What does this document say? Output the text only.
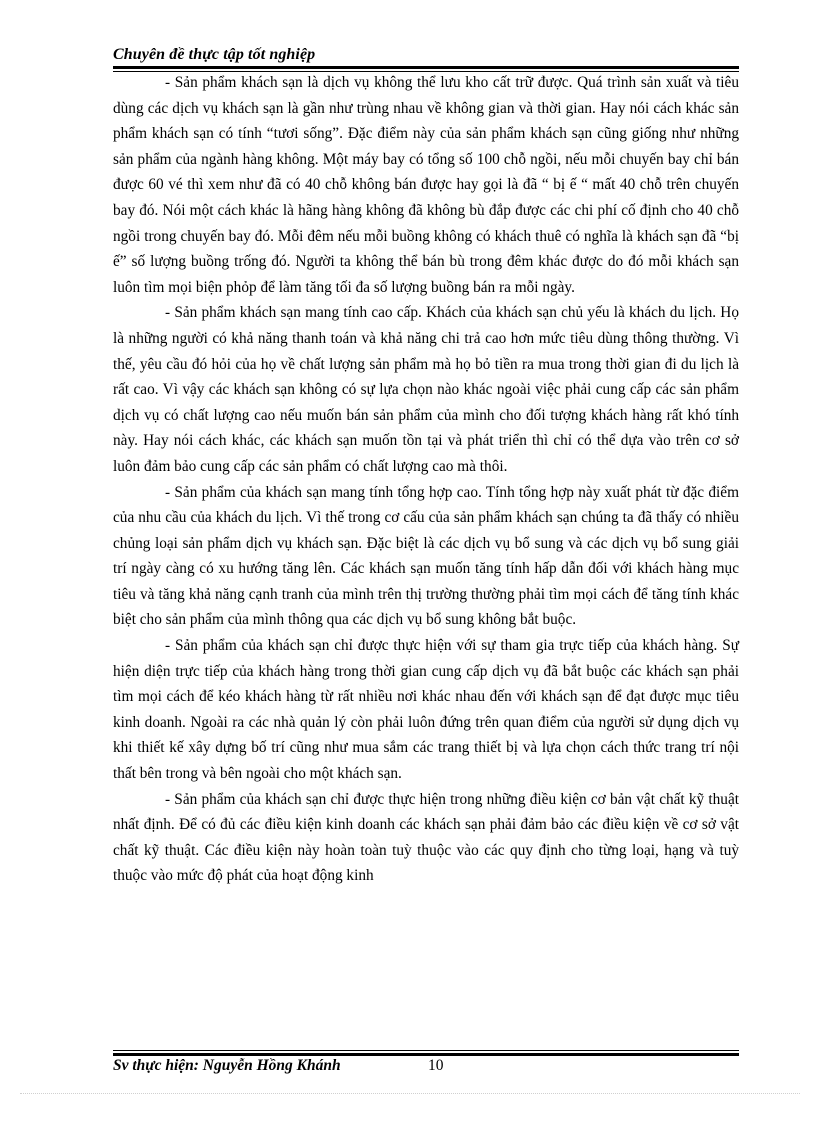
Chuyên đề thực tập tốt nghiệp

- Sản phẩm khách sạn là dịch vụ không thể lưu kho cất trữ được. Quá trình sản xuất và tiêu dùng các dịch vụ khách sạn là gần như trùng nhau về không gian và thời gian. Hay nói cách khác sản phẩm khách sạn có tính “tươi sống”. Đặc điểm này của sản phẩm khách sạn cũng giống như những sản phẩm của ngành hàng không. Một máy bay có tổng số 100 chỗ ngồi, nếu mỗi chuyến bay chỉ bán được 60 vé thì xem như đã có 40 chỗ không bán được hay gọi là đã “ bị ế “ mất 40 chỗ trên chuyến bay đó. Nói một cách khác là hãng hàng không đã không bù đắp được các chi phí cố định cho 40 chỗ ngồi trong chuyến bay đó. Mỗi đêm nếu mỗi buồng không có khách thuê có nghĩa là khách sạn đã “bị ế” số lượng buồng trống đó. Người ta không thể bán bù trong đêm khác được do đó mỗi khách sạn luôn tìm mọi biện phỏp để làm tăng tối đa số lượng buồng bán ra mỗi ngày.

- Sản phẩm khách sạn mang tính cao cấp. Khách của khách sạn chủ yếu là khách du lịch. Họ là những người có khả năng thanh toán và khả năng chi trả cao hơn mức tiêu dùng thông thường. Vì thế, yêu cầu đó hỏi của họ về chất lượng sản phẩm mà họ bỏ tiền ra mua trong thời gian đi du lịch là rất cao. Vì vậy các khách sạn không có sự lựa chọn nào khác ngoài việc phải cung cấp các sản phẩm dịch vụ có chất lượng cao nếu muốn bán sản phẩm của mình cho đối tượng khách hàng rất khó tính này. Hay nói cách khác, các khách sạn muốn tồn tại và phát triển thì chỉ có thể dựa vào trên cơ sở luôn đảm bảo cung cấp các sản phẩm có chất lượng cao mà thôi.

- Sản phẩm của khách sạn mang tính tổng hợp cao. Tính tổng hợp này xuất phát từ đặc điểm của nhu cầu của khách du lịch. Vì thế trong cơ cấu của sản phẩm khách sạn chúng ta đã thấy có nhiều chủng loại sản phẩm dịch vụ khách sạn. Đặc biệt là các dịch vụ bổ sung và các dịch vụ bổ sung giải trí ngày càng có xu hướng tăng lên. Các khách sạn muốn tăng tính hấp dẫn đối với khách hàng mục tiêu và tăng khả năng cạnh tranh của mình trên thị trường thường phải tìm mọi cách để tăng tính khác biệt cho sản phẩm của mình thông qua các dịch vụ bổ sung không bắt buộc.

- Sản phẩm của khách sạn chỉ được thực hiện với sự tham gia trực tiếp của khách hàng. Sự hiện diện trực tiếp của khách hàng trong thời gian cung cấp dịch vụ đã bắt buộc các khách sạn phải tìm mọi cách để kéo khách hàng từ rất nhiều nơi khác nhau đến với khách sạn để đạt được mục tiêu kinh doanh. Ngoài ra các nhà quản lý còn phải luôn đứng trên quan điểm của người sử dụng dịch vụ khi thiết kế xây dựng bố trí cũng như mua sắm các trang thiết bị và lựa chọn cách thức trang trí nội thất bên trong và bên ngoài cho một khách sạn.

- Sản phẩm của khách sạn chỉ được thực hiện trong những điều kiện cơ bản vật chất kỹ thuật nhất định. Để có đủ các điều kiện kinh doanh các khách sạn phải đảm bảo các điều kiện về cơ sở vật chất kỹ thuật. Các điều kiện này hoàn toàn tuỳ thuộc vào các quy định cho từng loại, hạng và tuỳ thuộc vào mức độ phát của hoạt động kinh

Sv thực hiện: Nguyễn Hồng Khánh	10
